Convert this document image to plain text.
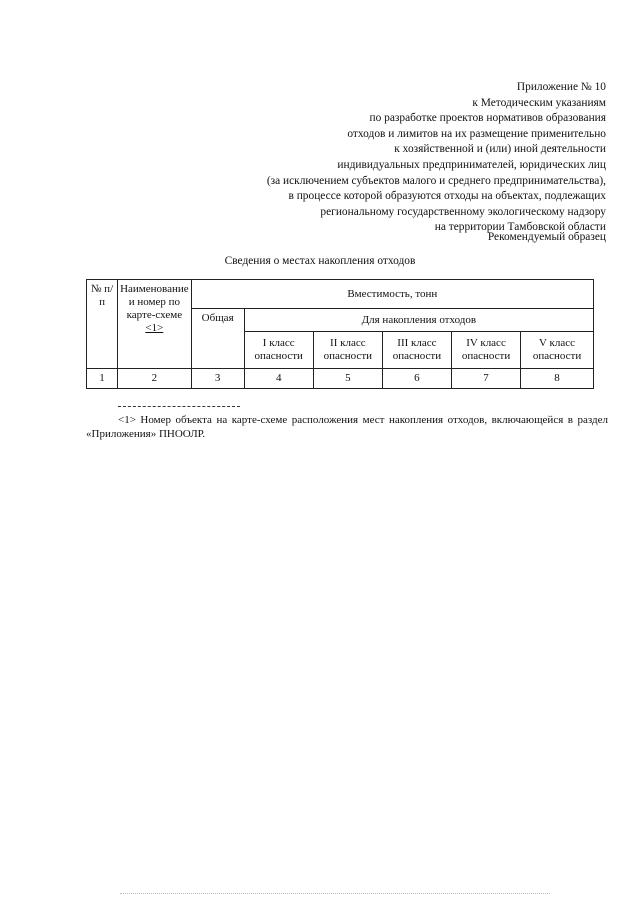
Приложение № 10
к Методическим указаниям
по разработке проектов нормативов образования
отходов и лимитов на их размещение применительно
к хозяйственной и (или) иной деятельности
индивидуальных предпринимателей, юридических лиц
(за исключением субъектов малого и среднего предпринимательства),
в процессе которой образуются отходы на объектах, подлежащих
региональному государственному экологическому надзору
на территории Тамбовской области
Рекомендуемый образец
Сведения о местах накопления отходов
№ п/п	Наименование и номер по карте-схеме <1>	Вместимость, тонн					
		Общая	Для накопления отходов				
			I класс опасности	II класс опасности	III класс опасности	IV класс опасности	V класс опасности
1	2	3	4	5	6	7	8
<1> Номер объекта на карте-схеме расположения мест накопления отходов, включающейся в раздел «Приложения» ПНООЛР.
